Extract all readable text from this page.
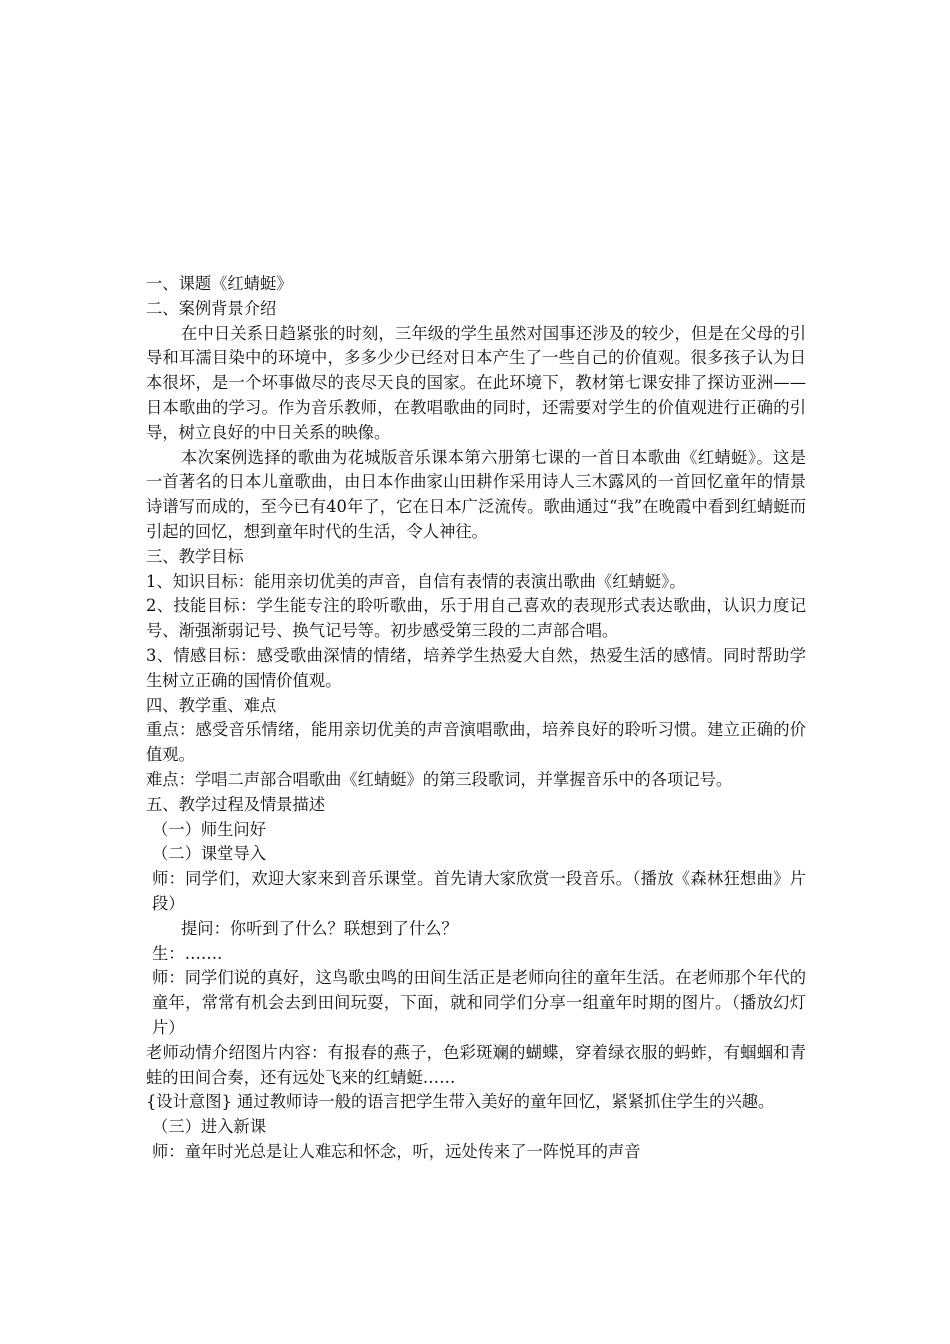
一、课题《红蜻蜓》

二、案例背景介绍

在中日关系日趋紧张的时刻，三年级的学生虽然对国事还涉及的较少，但是在父母的引导和耳濡目染中的环境中，多多少少已经对日本产生了一些自己的价值观。很多孩子认为日本很坏，是一个坏事做尽的丧尽天良的国家。在此环境下，教材第七课安排了探访亚洲——日本歌曲的学习。作为音乐教师，在教唱歌曲的同时，还需要对学生的价值观进行正确的引导，树立良好的中日关系的映像。

本次案例选择的歌曲为花城版音乐课本第六册第七课的一首日本歌曲《红蜻蜓》。这是一首著名的日本儿童歌曲，由日本作曲家山田耕作采用诗人三木露风的一首回忆童年的情景诗谱写而成的，至今已有40年了，它在日本广泛流传。歌曲通过“我”在晚霞中看到红蜻蜓而引起的回忆，想到童年时代的生活，令人神往。

三、教学目标

1、知识目标：能用亲切优美的声音，自信有表情的表演出歌曲《红蜻蜓》。

2、技能目标：学生能专注的聆听歌曲，乐于用自己喜欢的表现形式表达歌曲，认识力度记号、渐强渐弱记号、换气记号等。初步感受第三段的二声部合唱。

3、情感目标：感受歌曲深情的情绪，培养学生热爱大自然，热爱生活的感情。同时帮助学生树立正确的国情价值观。

四、教学重、难点

重点：感受音乐情绪，能用亲切优美的声音演唱歌曲，培养良好的聆听习惯。建立正确的价值观。

难点：学唱二声部合唱歌曲《红蜻蜓》的第三段歌词，并掌握音乐中的各项记号。

五、教学过程及情景描述

（一）师生问好

（二）课堂导入

师：同学们，欢迎大家来到音乐课堂。首先请大家欣赏一段音乐。（播放《森林狂想曲》片段）

提问：你听到了什么？联想到了什么？

生：…….

师：同学们说的真好，这鸟歌虫鸣的田间生活正是老师向往的童年生活。在老师那个年代的童年，常常有机会去到田间玩耍，下面，就和同学们分享一组童年时期的图片。（播放幻灯片）

老师动情介绍图片内容：有报春的燕子，色彩斑斓的蝴蝶，穿着绿衣服的蚂蚱，有蝈蝈和青蛙的田间合奏，还有远处飞来的红蜻蜓……

{设计意图} 通过教师诗一般的语言把学生带入美好的童年回忆，紧紧抓住学生的兴趣。

（三）进入新课

师：童年时光总是让人难忘和怀念，听，远处传来了一阵悦耳的声音
